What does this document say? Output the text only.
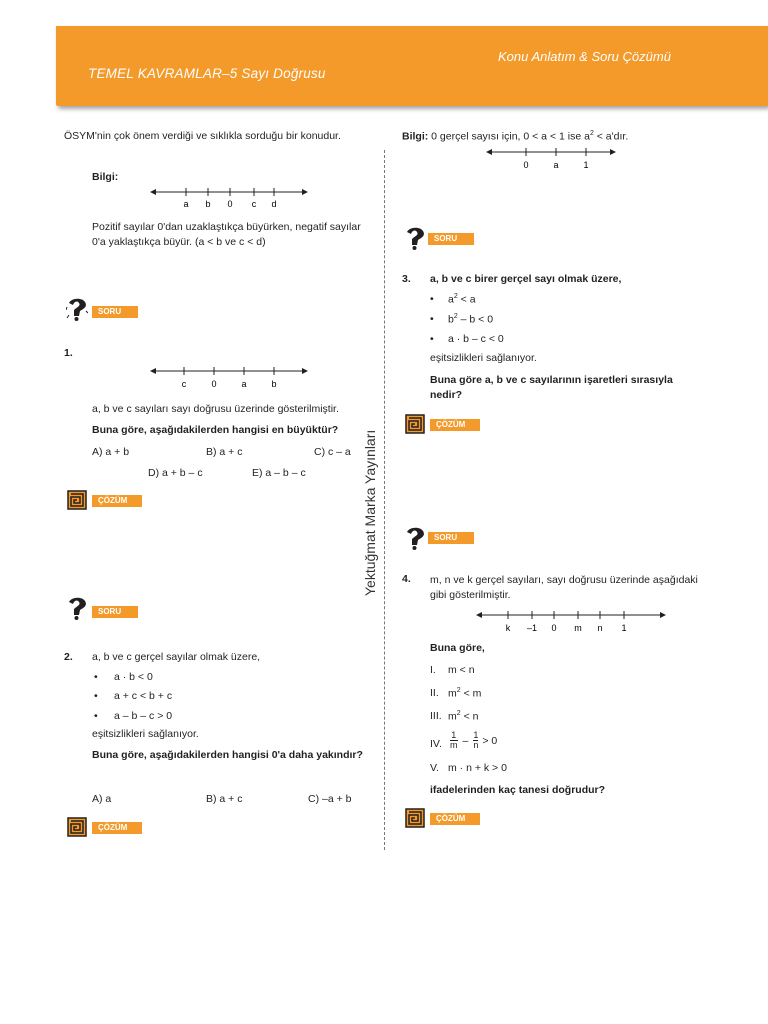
Konu Anlatım & Soru Çözümü
TEMEL KAVRAMLAR–5 Sayı Doğrusu
Yektuğmat Marka Yayınları
ÖSYM'nin çok önem verdiği ve sıklıkla sorduğu bir konudur.
Bilgi:
a b 0 c d
Pozitif sayılar 0'dan uzaklaştıkça büyürken, negatif sayılar 0'a yaklaştıkça büyür. (a < b ve c < d)
SORU
1.
c	0	a	b
a, b ve c sayıları sayı doğrusu üzerinde gösterilmiştir.
Buna göre, aşağıdakilerden hangisi en büyüktür?
A) a + b	B) a + c	C) c – a
D) a + b – c	E) a – b – c
ÇÖZÜM
SORU
2. a, b ve c gerçel sayılar olmak üzere,
• a · b < 0
• a + c < b + c
• a – b – c > 0
eşitsizlikleri sağlanıyor.
Buna göre, aşağıdakilerden hangisi 0'a daha yakındır?
A) a	B) a + c	C) –a + b
ÇÖZÜM
Bilgi: 0 gerçel sayısı için, 0 < a < 1 ise $a^2$ < a'dır.
0	a	1
SORU
3. a, b ve c birer gerçel sayı olmak üzere,
• $a^2 < a$
• $b^2 - b < 0$
• a · b – c < 0
eşitsizlikleri sağlanıyor.
Buna göre a, b ve c sayılarının işaretleri sırasıyla nedir?
ÇÖZÜM
SORU
4. m, n ve k gerçel sayıları, sayı doğrusu üzerinde aşağıdaki gibi gösterilmiştir.
k –1 0 m n 1
Buna göre,
I. m < n
II. $m^2 < m$
III. $m^2 < n$
IV. $\frac{1}{m} - \frac{1}{n} > 0$
V. m · n + k > 0
ifadelerinden kaç tanesi doğrudur?
ÇÖZÜM
